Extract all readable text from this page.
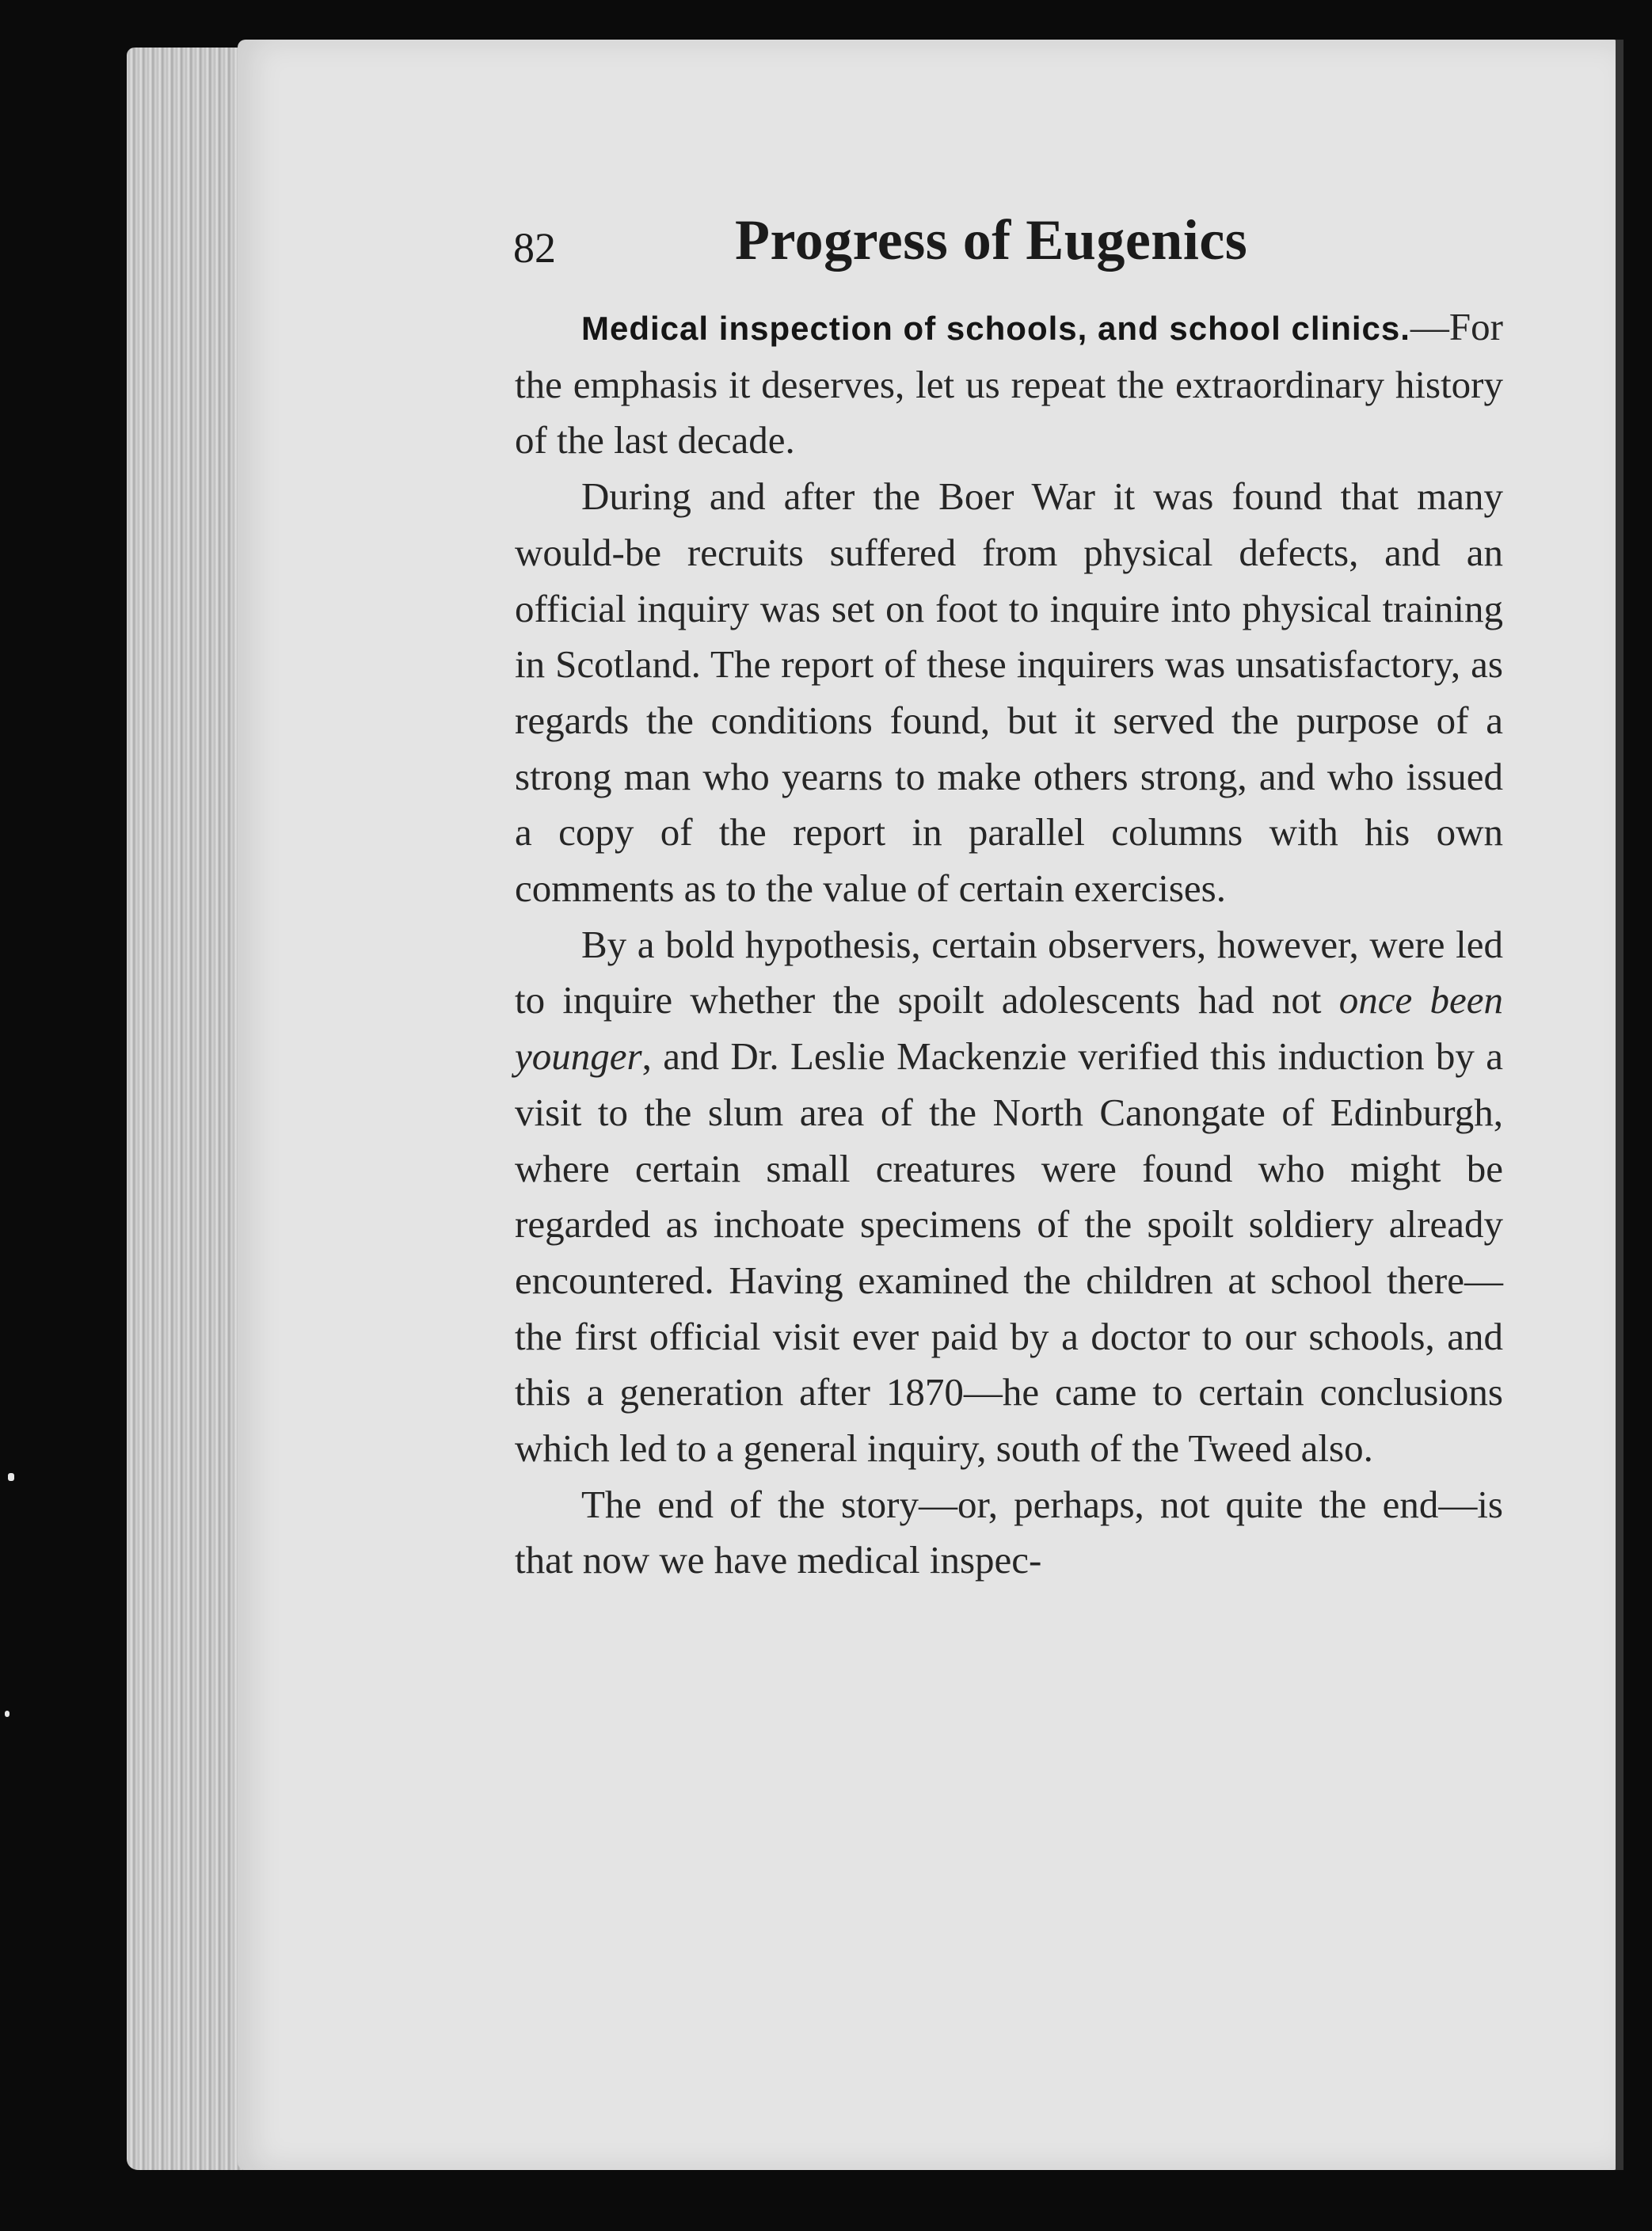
82	Progress of Eugenics

Medical inspection of schools, and school clinics.—For the emphasis it deserves, let us repeat the extraordinary history of the last decade.

During and after the Boer War it was found that many would-be recruits suffered from physical defects, and an official inquiry was set on foot to inquire into physical training in Scotland. The report of these inquirers was unsatisfactory, as regards the conditions found, but it served the purpose of a strong man who yearns to make others strong, and who issued a copy of the report in parallel columns with his own comments as to the value of certain exercises.

By a bold hypothesis, certain observers, however, were led to inquire whether the spoilt adolescents had not once been younger, and Dr. Leslie Mackenzie verified this induction by a visit to the slum area of the North Canongate of Edinburgh, where certain small creatures were found who might be regarded as inchoate specimens of the spoilt soldiery already encountered. Having examined the children at school there—the first official visit ever paid by a doctor to our schools, and this a generation after 1870—he came to certain conclusions which led to a general inquiry, south of the Tweed also.

The end of the story—or, perhaps, not quite the end—is that now we have medical inspec-
